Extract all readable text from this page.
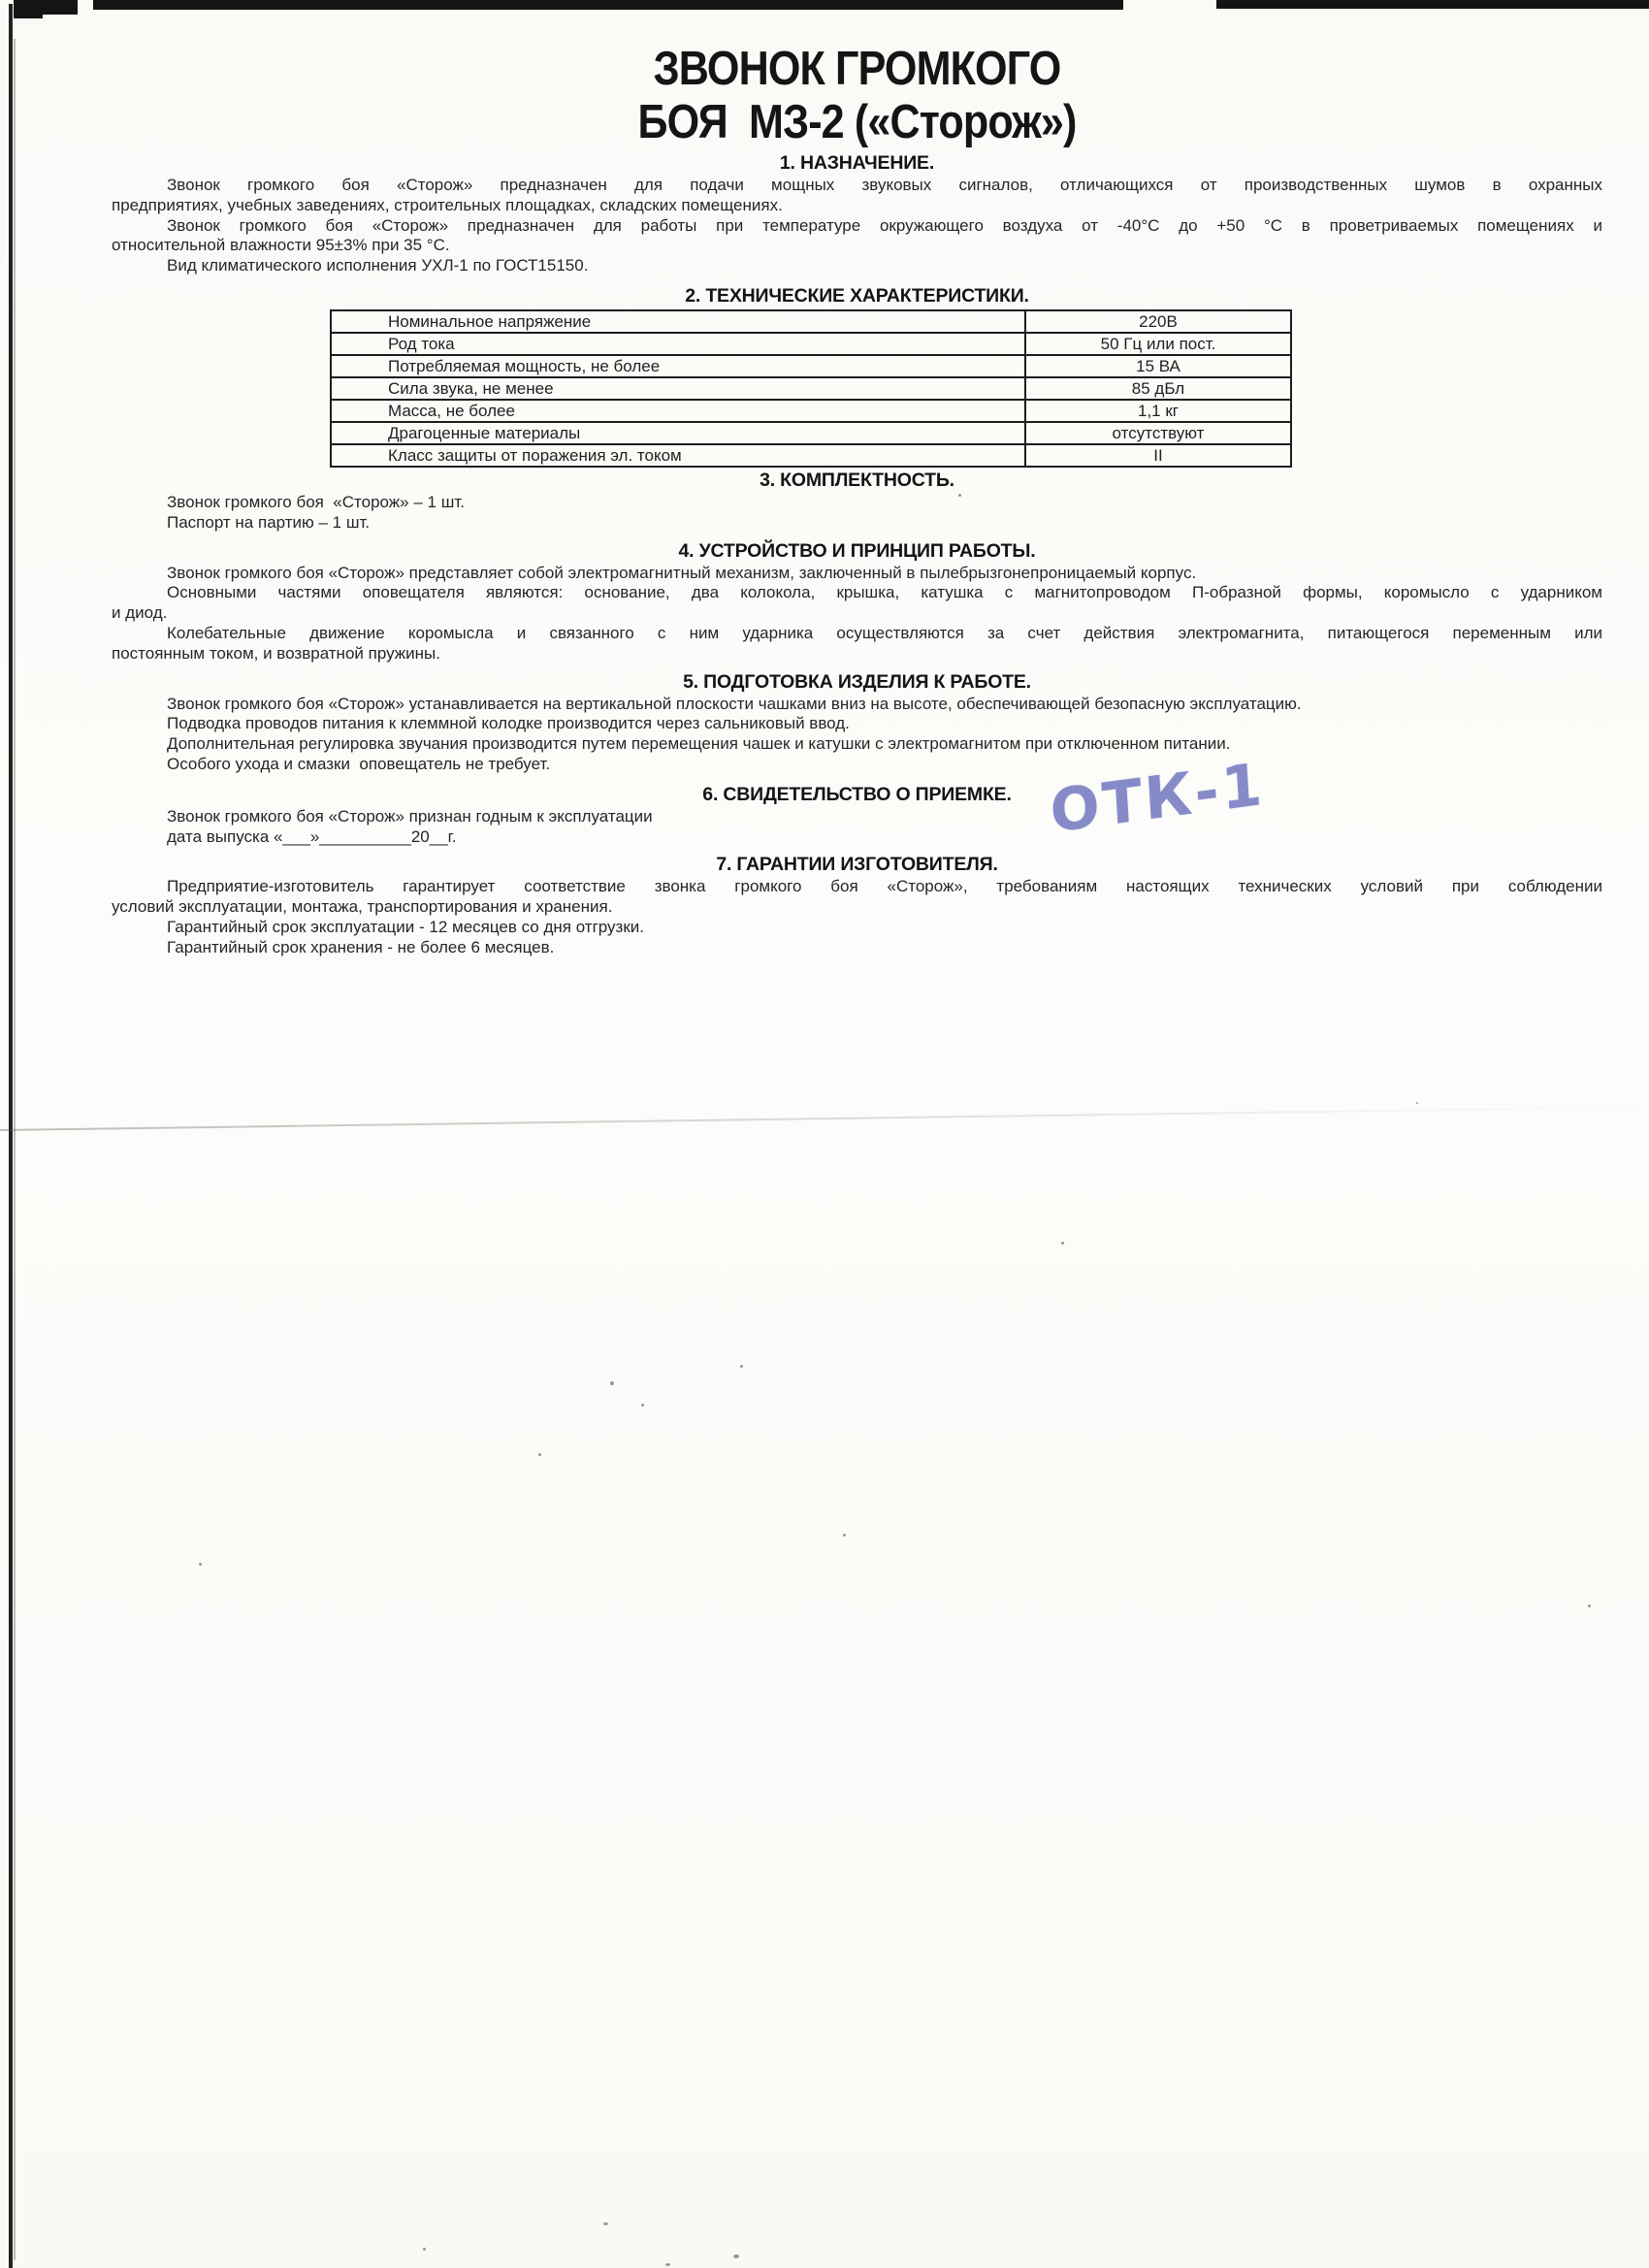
ЗВОНОК ГРОМКОГО
БОЯ  МЗ-2 («Сторож»)
1. НАЗНАЧЕНИЕ.
Звонок громкого боя «Сторож» предназначен для подачи мощных звуковых сигналов, отличающихся от производственных шумов в охранных
предприятиях, учебных заведениях, строительных площадках, складских помещениях.
Звонок громкого боя «Сторож» предназначен для работы при температуре окружающего воздуха от -40°С до +50 °С в проветриваемых помещениях и
относительной влажности 95±3% при 35 °С.
Вид климатического исполнения УХЛ-1 по ГОСТ15150.
2. ТЕХНИЧЕСКИЕ ХАРАКТЕРИСТИКИ.
Номинальное напряжение	220В
Род тока	50 Гц или пост.
Потребляемая мощность, не более	15 ВА
Сила звука, не менее	85 дБл
Масса, не более	1,1 кг
Драгоценные материалы	отсутствуют
Класс защиты от поражения эл. током	II
3. КОМПЛЕКТНОСТЬ.
Звонок громкого боя  «Сторож» – 1 шт.
Паспорт на партию – 1 шт.
4. УСТРОЙСТВО И ПРИНЦИП РАБОТЫ.
Звонок громкого боя «Сторож» представляет собой электромагнитный механизм, заключенный в пылебрызгонепроницаемый корпус.
Основными частями оповещателя являются: основание, два колокола, крышка, катушка с магнитопроводом П-образной формы, коромысло с ударником
и диод.
Колебательные движение коромысла и связанного с ним ударника осуществляются за счет действия электромагнита, питающегося переменным или
постоянным током, и возвратной пружины.
5. ПОДГОТОВКА ИЗДЕЛИЯ К РАБОТЕ.
Звонок громкого боя «Сторож» устанавливается на вертикальной плоскости чашками вниз на высоте, обеспечивающей безопасную эксплуатацию.
Подводка проводов питания к клеммной колодке производится через сальниковый ввод.
Дополнительная регулировка звучания производится путем перемещения чашек и катушки с электромагнитом при отключенном питании.
Особого ухода и смазки  оповещатель не требует.
6. СВИДЕТЕЛЬСТВО О ПРИЕМКЕ.
Звонок громкого боя «Сторож» признан годным к эксплуатации
дата выпуска «___»__________20__г.
7. ГАРАНТИИ ИЗГОТОВИТЕЛЯ.
Предприятие-изготовитель гарантирует соответствие звонка громкого боя «Сторож», требованиям настоящих технических условий при соблюдении
условий эксплуатации, монтажа, транспортирования и хранения.
Гарантийный срок эксплуатации - 12 месяцев со дня отгрузки.
Гарантийный срок хранения - не более 6 месяцев.
ОТК-1
